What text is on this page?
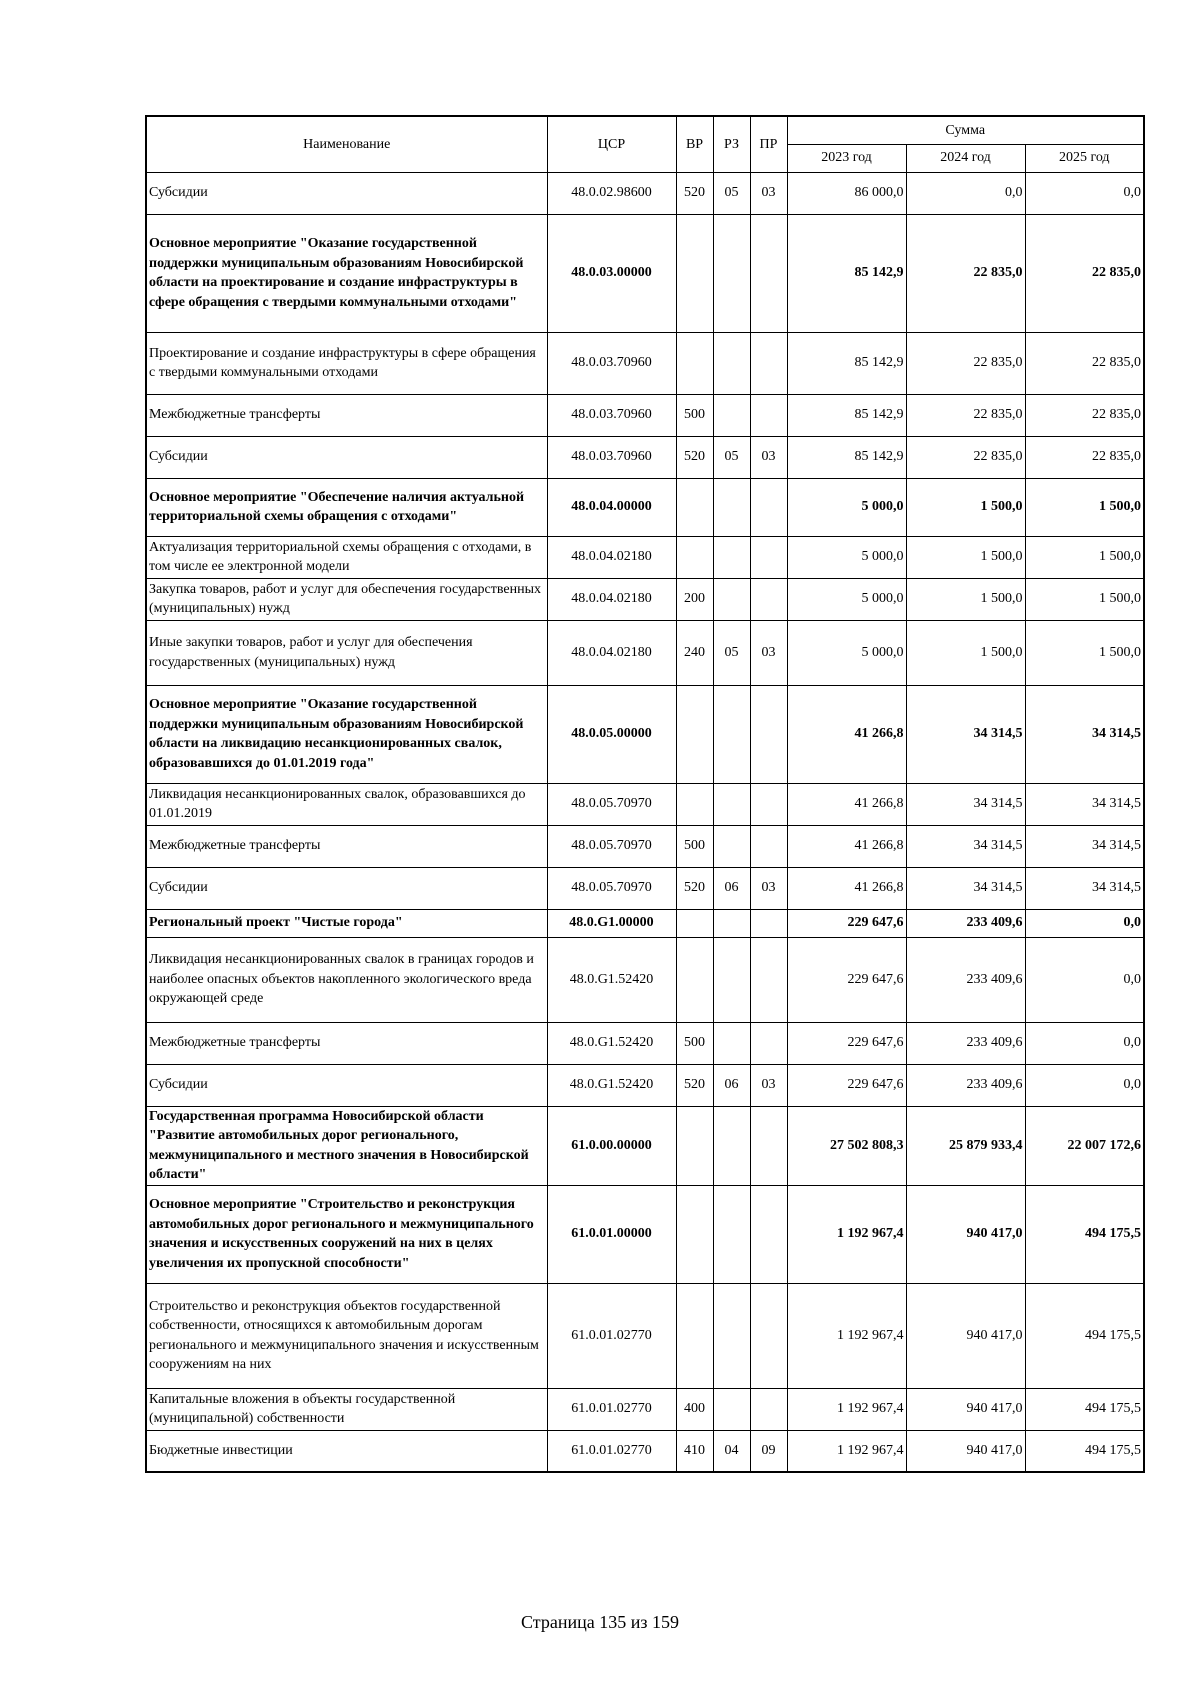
Наименование	ЦСР	ВР	РЗ	ПР	Сумма		
					2023 год	2024 год	2025 год
Субсидии	48.0.02.98600	520	05	03	86 000,0	0,0	0,0
Основное мероприятие "Оказание государственной поддержки муниципальным образованиям Новосибирской области на проектирование и создание инфраструктуры в сфере обращения с твердыми коммунальными отходами"	48.0.03.00000				85 142,9	22 835,0	22 835,0
Проектирование и создание инфраструктуры в сфере обращения с твердыми коммунальными отходами	48.0.03.70960				85 142,9	22 835,0	22 835,0
Межбюджетные трансферты	48.0.03.70960	500			85 142,9	22 835,0	22 835,0
Субсидии	48.0.03.70960	520	05	03	85 142,9	22 835,0	22 835,0
Основное мероприятие "Обеспечение наличия актуальной территориальной схемы обращения с отходами"	48.0.04.00000				5 000,0	1 500,0	1 500,0
Актуализация территориальной схемы обращения с отходами, в том числе ее электронной модели	48.0.04.02180				5 000,0	1 500,0	1 500,0
Закупка товаров, работ и услуг для обеспечения государственных (муниципальных) нужд	48.0.04.02180	200			5 000,0	1 500,0	1 500,0
Иные закупки товаров, работ и услуг для обеспечения государственных (муниципальных) нужд	48.0.04.02180	240	05	03	5 000,0	1 500,0	1 500,0
Основное мероприятие "Оказание государственной поддержки муниципальным образованиям Новосибирской области на ликвидацию несанкционированных свалок, образовавшихся до 01.01.2019 года"	48.0.05.00000				41 266,8	34 314,5	34 314,5
Ликвидация несанкционированных свалок, образовавшихся до 01.01.2019	48.0.05.70970				41 266,8	34 314,5	34 314,5
Межбюджетные трансферты	48.0.05.70970	500			41 266,8	34 314,5	34 314,5
Субсидии	48.0.05.70970	520	06	03	41 266,8	34 314,5	34 314,5
Региональный проект "Чистые города"	48.0.G1.00000				229 647,6	233 409,6	0,0
Ликвидация несанкционированных свалок в границах городов и наиболее опасных объектов накопленного экологического вреда окружающей среде	48.0.G1.52420				229 647,6	233 409,6	0,0
Межбюджетные трансферты	48.0.G1.52420	500			229 647,6	233 409,6	0,0
Субсидии	48.0.G1.52420	520	06	03	229 647,6	233 409,6	0,0
Государственная программа Новосибирской области "Развитие автомобильных дорог регионального, межмуниципального и местного значения в Новосибирской области"	61.0.00.00000				27 502 808,3	25 879 933,4	22 007 172,6
Основное мероприятие "Строительство и реконструкция автомобильных дорог регионального и межмуниципального значения и искусственных сооружений на них в целях увеличения их пропускной способности"	61.0.01.00000				1 192 967,4	940 417,0	494 175,5
Строительство и реконструкция объектов государственной собственности, относящихся к автомобильным дорогам регионального и межмуниципального значения и искусственным сооружениям на них	61.0.01.02770				1 192 967,4	940 417,0	494 175,5
Капитальные вложения в объекты государственной (муниципальной) собственности	61.0.01.02770	400			1 192 967,4	940 417,0	494 175,5
Бюджетные инвестиции	61.0.01.02770	410	04	09	1 192 967,4	940 417,0	494 175,5
Страница 135 из 159
